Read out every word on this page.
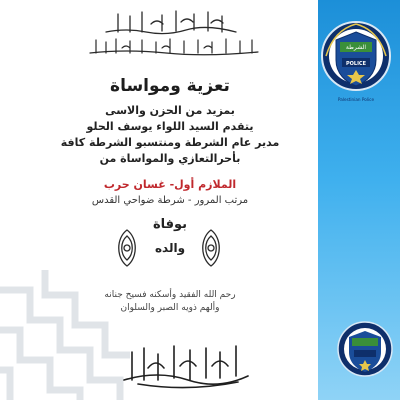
بسم الله الرحمن الرحيم
وبشر الصابرين الذين إذا أصابتهم مصيبة قالوا إنا لله وإنا إليه راجعون
تعزية ومواساة
بمزيد من الحزن والاسى
يتقدم السيد اللواء يوسف الحلو
مدير عام الشرطة ومنتسبو الشرطة كافة
بأحرالتعازي والمواساة من
الملازم أول- غسان حرب
مرتب المرور - شرطة ضواحي القدس
بوفاة
والده
رحم الله الفقيد وأسكنه فسيح جنانه
وألهم ذويه الصبر والسلوان
إنا لله وإنا إليه راجعون
الشرطة
POLICE
Palestinian Police
